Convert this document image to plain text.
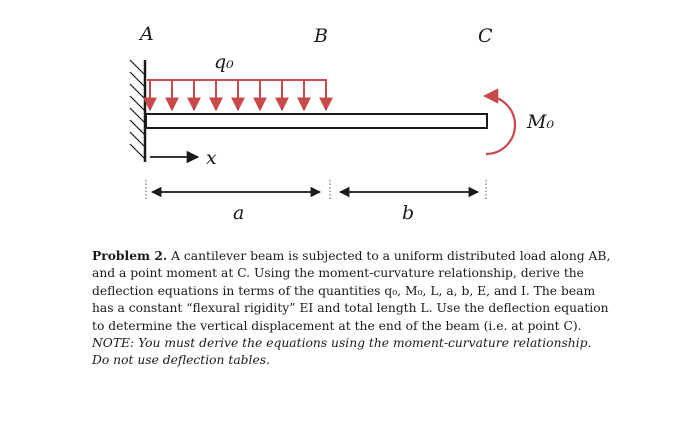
A	B	C
q₀
M₀
x
a	b
Problem 2. A cantilever beam is subjected to a uniform distributed load along AB, and a point moment at C. Using the moment-curvature relationship, derive the deflection equations in terms of the quantities q₀, M₀, L, a, b, E, and I. The beam has a constant “flexural rigidity” EI and total length L. Use the deflection equation to determine the vertical displacement at the end of the beam (i.e. at point C). NOTE: You must derive the equations using the moment-curvature relationship. Do not use deflection tables.
